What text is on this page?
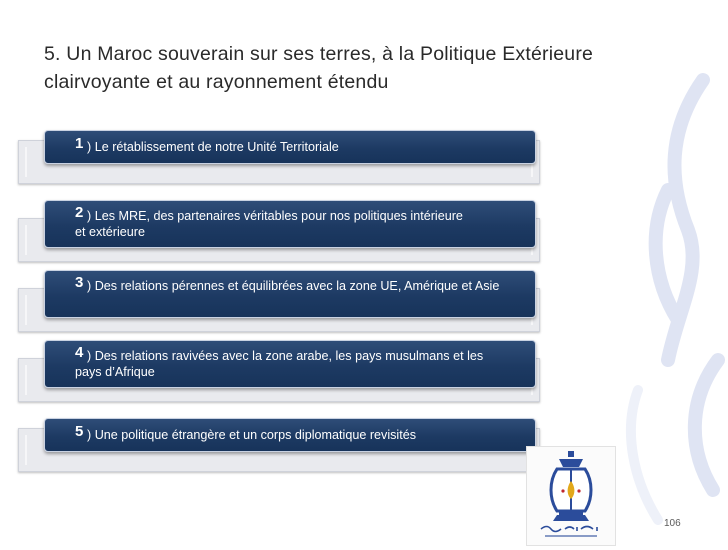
5. Un Maroc souverain sur ses terres, à la Politique Extérieure clairvoyante et au rayonnement étendu
1 ) Le rétablissement de notre Unité Territoriale
2 ) Les MRE, des partenaires véritables pour nos politiques intérieure et extérieure
3 ) Des relations pérennes et équilibrées avec la zone UE, Amérique et Asie
4 ) Des relations ravivées avec la zone arabe, les pays musulmans et les pays d’Afrique
5 ) Une politique étrangère et un corps diplomatique revisités
106
